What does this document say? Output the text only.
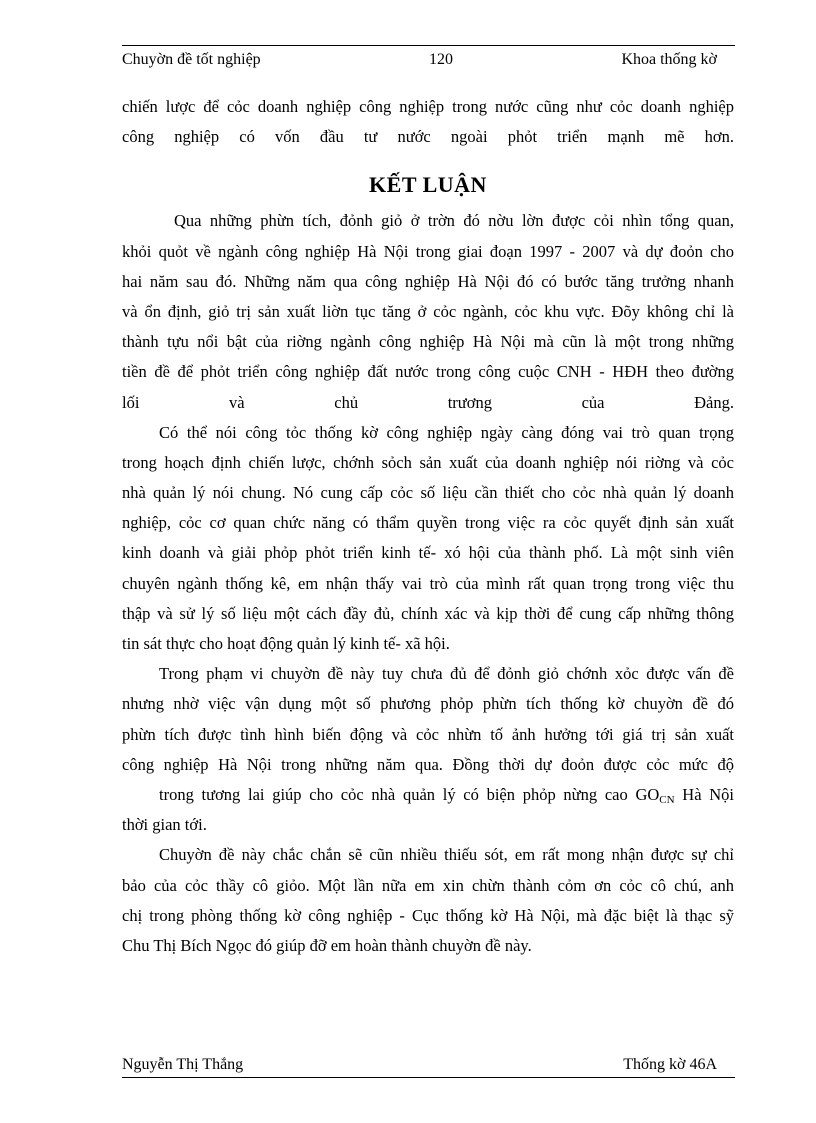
Chuyờn đề tốt nghiệp	120	Khoa thống kờ
chiến lược để cỏc doanh nghiệp công nghiệp trong nước cũng như cỏc doanh nghiệp
công nghiệp có vốn đầu tư nước ngoài phỏt triển mạnh mẽ hơn.
KẾT LUẬN
Qua những phừn tích, đỏnh giỏ ở trờn đó nờu lờn được cỏi nhìn tổng quan,
khỏi quỏt về ngành công nghiệp Hà Nội trong giai đoạn 1997 - 2007 và dự đoỏn cho
hai năm sau đó. Những năm qua công nghiệp Hà Nội đó có bước tăng trưởng nhanh
và ổn định, giỏ trị sản xuất liờn tục tăng ở cỏc ngành, cỏc khu vực. Đõy không chỉ là
thành tựu nổi bật của riờng ngành công nghiệp Hà Nội mà cũn là một trong những
tiền đề để phỏt triển công nghiệp đất nước trong công cuộc CNH - HĐH theo đường
lối và chủ trương của Đảng.
Có thể nói công tỏc thống kờ công nghiệp ngày càng đóng vai trò quan trọng
trong hoạch định chiến lược, chớnh sỏch sản xuất của doanh nghiệp nói riờng và cỏc
nhà quản lý nói chung. Nó cung cấp cỏc số liệu cần thiết cho cỏc nhà quản lý doanh
nghiệp, cỏc cơ quan chức năng có thẩm quyền trong việc ra cỏc quyết định sản xuất
kinh doanh và giải phỏp phỏt triển kinh tế- xó hội của thành phố. Là một sinh viên
chuyên ngành thống kê, em nhận thấy vai trò của mình rất quan trọng trong việc thu
thập và sử lý số liệu một cách đầy đủ, chính xác và kịp thời để cung cấp những thông
tin sát thực cho hoạt động quản lý kinh tế- xã hội.
Trong phạm vi chuyờn đề này tuy chưa đủ để đỏnh giỏ chớnh xỏc được vấn đề
nhưng nhờ việc vận dụng một số phương phỏp phừn tích thống kờ chuyờn đề đó
phừn tích được tình hình biến động và cỏc nhừn tố ảnh hưởng tới giá trị sản xuất
công nghiệp Hà Nội trong những năm qua. Đồng thời dự đoỏn được cỏc mức độ
trong tương lai giúp cho cỏc nhà quản lý có biện phỏp nừng cao $GO_{CN}$ Hà Nội
thời gian tới.
Chuyờn đề này chắc chắn sẽ cũn nhiều thiếu sót, em rất mong nhận được sự chỉ
bảo của cỏc thầy cô giỏo. Một lần nữa em xin chừn thành cỏm ơn cỏc cô chú, anh
chị trong phòng thống kờ công nghiệp - Cục thống kờ Hà Nội, mà đặc biệt là thạc sỹ
Chu Thị Bích Ngọc đó giúp đỡ em hoàn thành chuyờn đề này.
Nguyễn Thị Thắng	Thống kờ 46A
